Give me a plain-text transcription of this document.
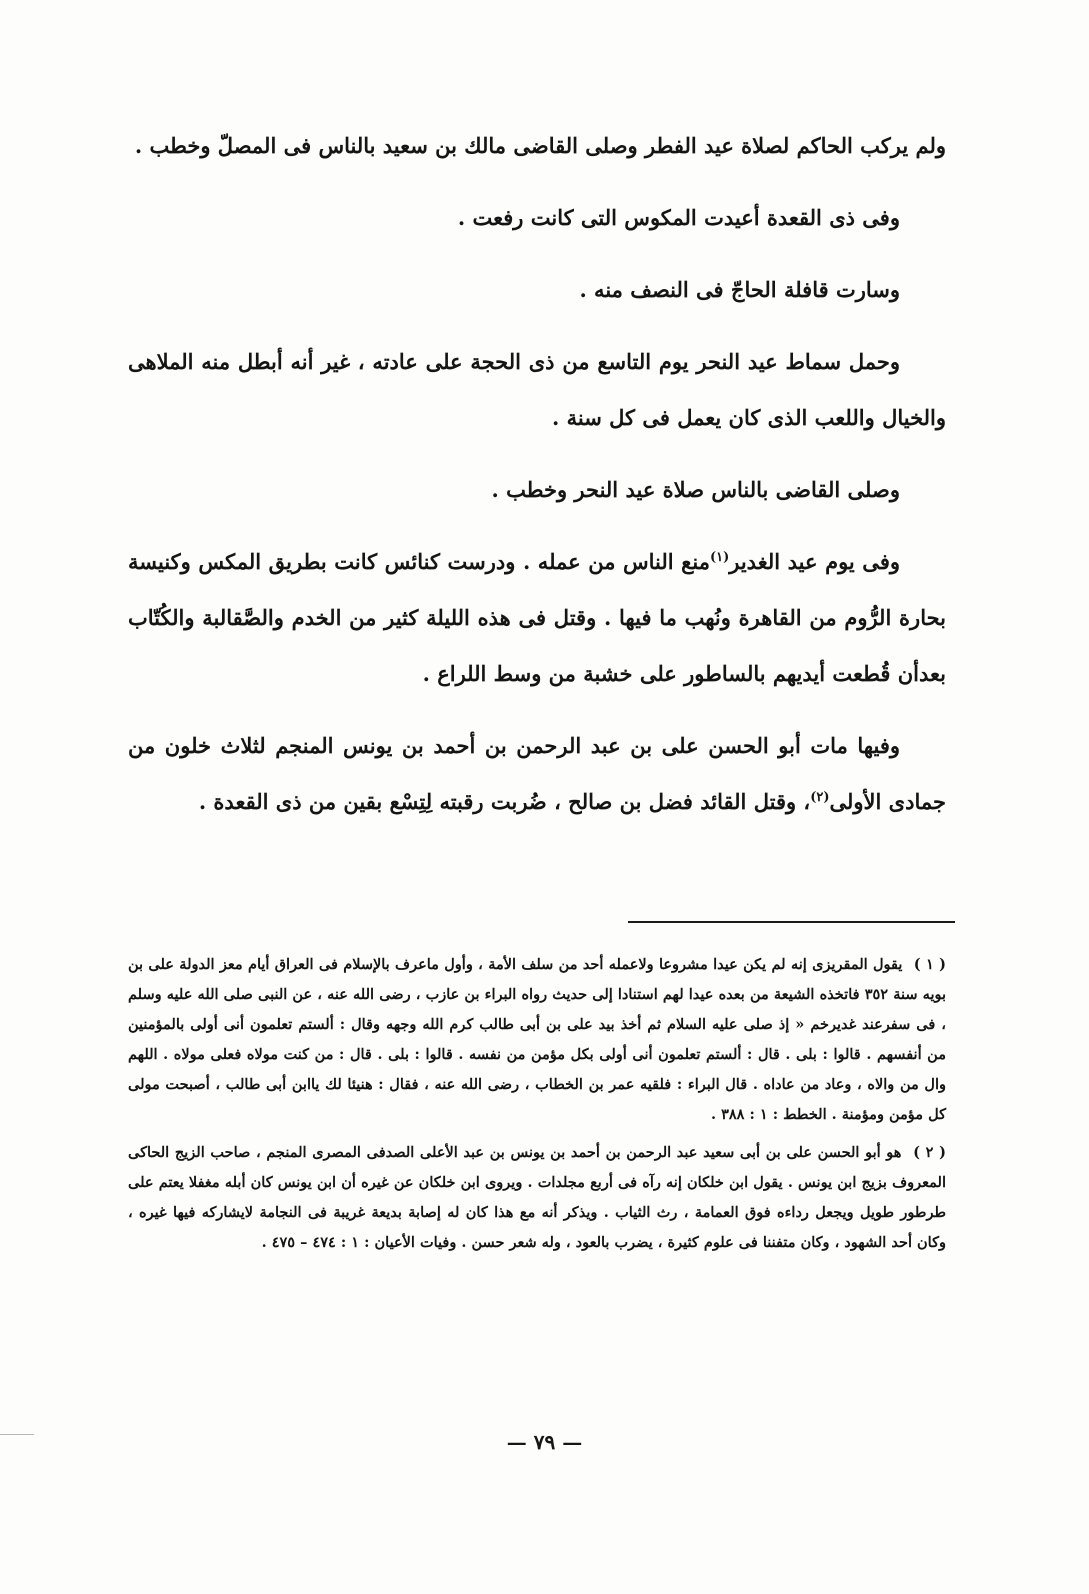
ولم يركب الحاكم لصلاة عيد الفطر وصلى القاضى مالك بن سعيد بالناس فى المصلّ وخطب .

وفى ذى القعدة أعيدت المكوس التى كانت رفعت .

وسارت قافلة الحاجّ فى النصف منه .

وحمل سماط عيد النحر يوم التاسع من ذى الحجة على عادته ، غير أنه أبطل منه الملاهى والخيال واللعب الذى كان يعمل فى كل سنة .

وصلى القاضى بالناس صلاة عيد النحر وخطب .

وفى يوم عيد الغدير$^{(١)}$منع الناس من عمله . ودرست كنائس كانت بطريق المكس وكنيسة بحارة الرُّوم من القاهرة ونُهب ما فيها . وقتل فى هذه الليلة كثير من الخدم والصَّقالبة والكُتّاب بعدأن قُطعت أيديهم بالساطور على خشبة من وسط اللراع .

وفيها مات أبو الحسن على بن عبد الرحمن بن أحمد بن يونس المنجم لثلاث خلون من جمادى الأولى$^{(٢)}$، وقتل القائد فضل بن صالح ، ضُربت رقبته لِتِسْع بقين من ذى القعدة .

( ١ ) يقول المقريزى إنه لم يكن عيدا مشروعا ولاعمله أحد من سلف الأمة ، وأول ماعرف بالإسلام فى العراق أيام معز الدولة على بن بويه سنة ٣٥٢ فاتخذه الشيعة من بعده عيدا لهم استنادا إلى حديث رواه البراء بن عازب ، رضى الله عنه ، عن النبى صلى الله عليه وسلم ، فى سفرعند غديرخم « إذ صلى عليه السلام ثم أخذ بيد على بن أبى طالب كرم الله وجهه وقال : ألستم تعلمون أنى أولى بالمؤمنين من أنفسهم . قالوا : بلى . قال : ألستم تعلمون أنى أولى بكل مؤمن من نفسه . قالوا : بلى . قال : من كنت مولاه فعلى مولاه . اللهم وال من والاه ، وعاد من عاداه . قال البراء : فلقيه عمر بن الخطاب ، رضى الله عنه ، فقال : هنيئا لك ياابن أبى طالب ، أصبحت مولى كل مؤمن ومؤمنة . الخطط : ١ : ٣٨٨ .

( ٢ ) هو أبو الحسن على بن أبى سعيد عبد الرحمن بن أحمد بن يونس بن عبد الأعلى الصدفى المصرى المنجم ، صاحب الزيج الحاكى المعروف بزيج ابن يونس . يقول ابن خلكان إنه رآه فى أربع مجلدات . ويروى ابن خلكان عن غيره أن ابن يونس كان أبله مغفلا يعتم على طرطور طويل ويجعل رداءه فوق العمامة ، رث الثياب . ويذكر أنه مع هذا كان له إصابة بديعة غريبة فى النجامة لايشاركه فيها غيره ، وكان أحد الشهود ، وكان متفننا فى علوم كثيرة ، يضرب بالعود ، وله شعر حسن . وفيات الأعيان : ١ : ٤٧٤ – ٤٧٥ .

— ٧٩ —
